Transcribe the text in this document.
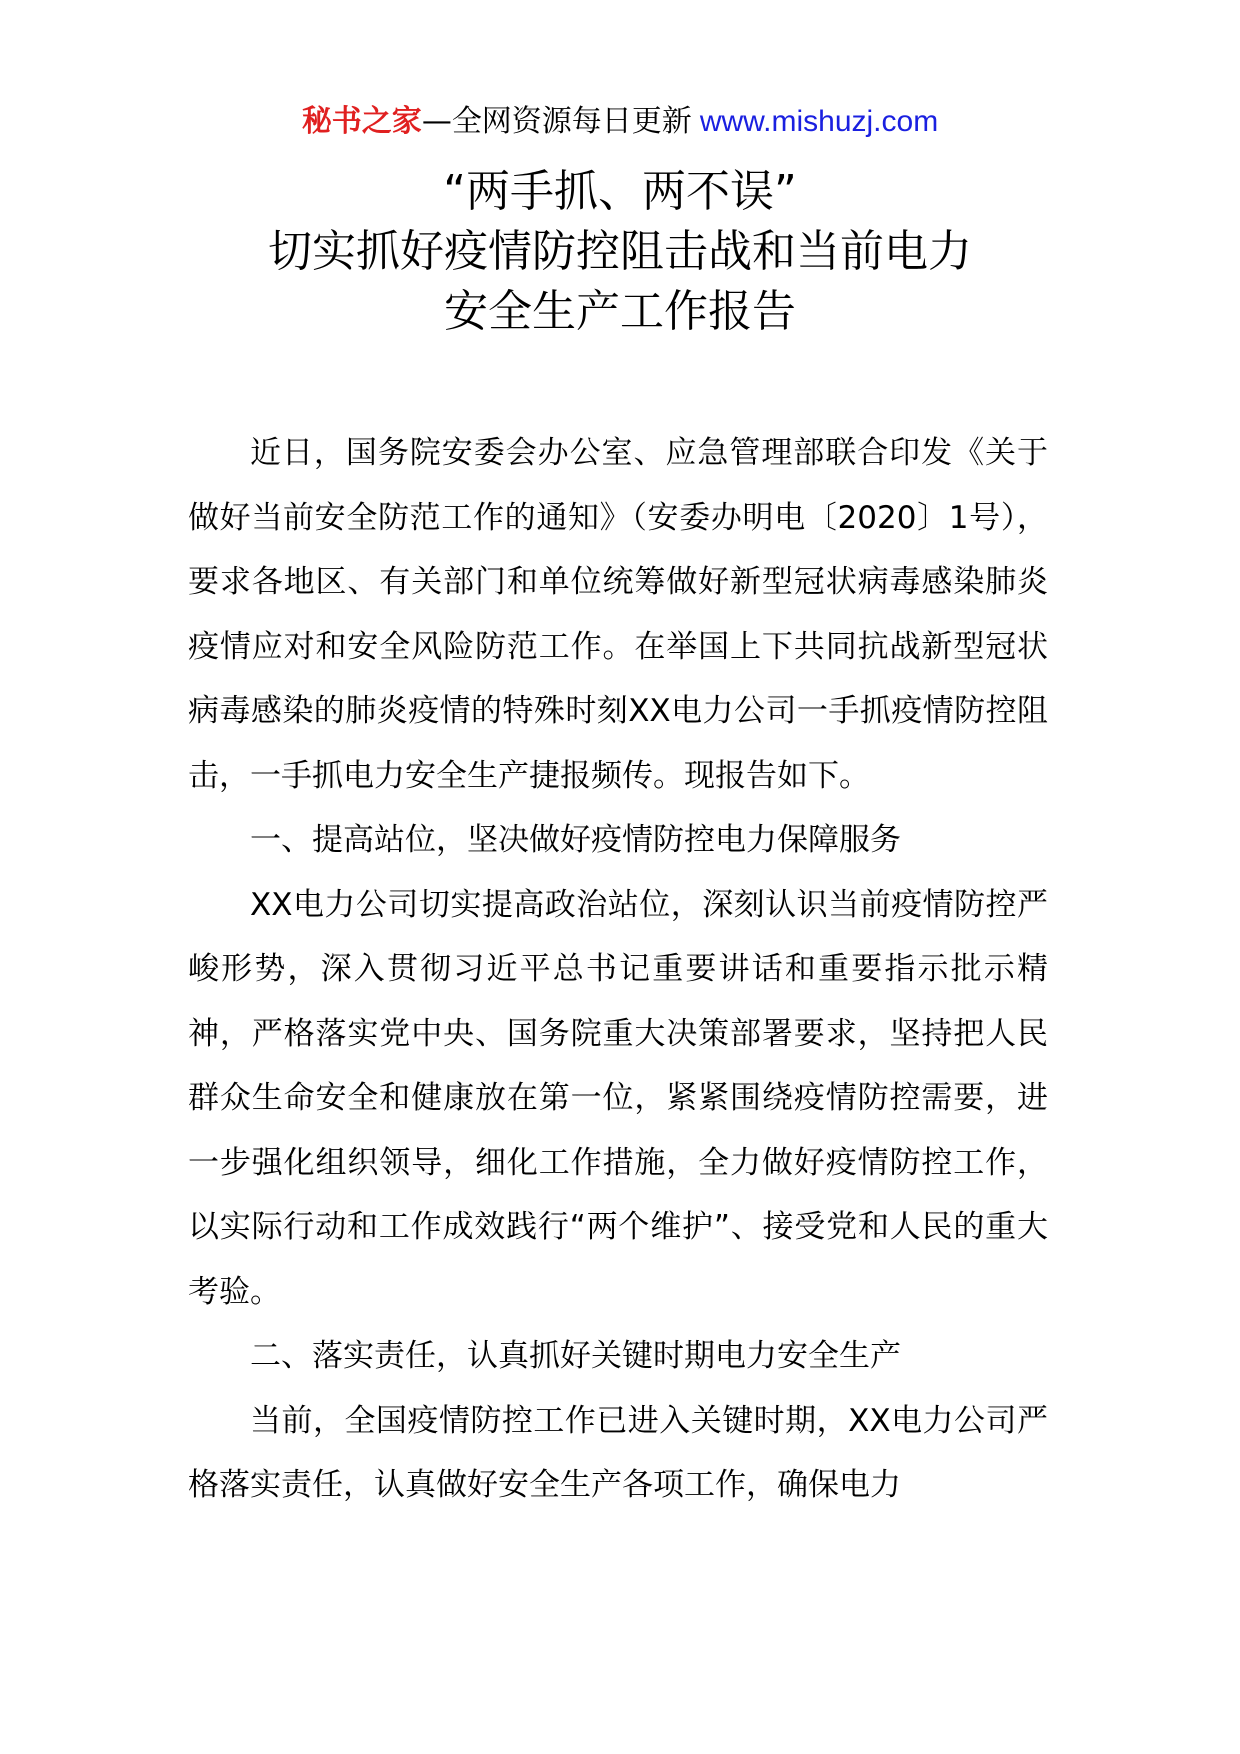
秘书之家—全网资源每日更新 www.mishuzj.com
“两手抓、两不误”
切实抓好疫情防控阻击战和当前电力
安全生产工作报告

近日，国务院安委会办公室、应急管理部联合印发《关于做好当前安全防范工作的通知》（安委办明电〔2020〕1号），要求各地区、有关部门和单位统筹做好新型冠状病毒感染肺炎疫情应对和安全风险防范工作。在举国上下共同抗战新型冠状病毒感染的肺炎疫情的特殊时刻XX电力公司一手抓疫情防控阻击，一手抓电力安全生产捷报频传。现报告如下。

一、提高站位，坚决做好疫情防控电力保障服务

XX电力公司切实提高政治站位，深刻认识当前疫情防控严峻形势，深入贯彻习近平总书记重要讲话和重要指示批示精神，严格落实党中央、国务院重大决策部署要求，坚持把人民群众生命安全和健康放在第一位，紧紧围绕疫情防控需要，进一步强化组织领导，细化工作措施，全力做好疫情防控工作，以实际行动和工作成效践行“两个维护”、接受党和人民的重大考验。

二、落实责任，认真抓好关键时期电力安全生产

当前，全国疫情防控工作已进入关键时期，XX电力公司严格落实责任，认真做好安全生产各项工作，确保电力
